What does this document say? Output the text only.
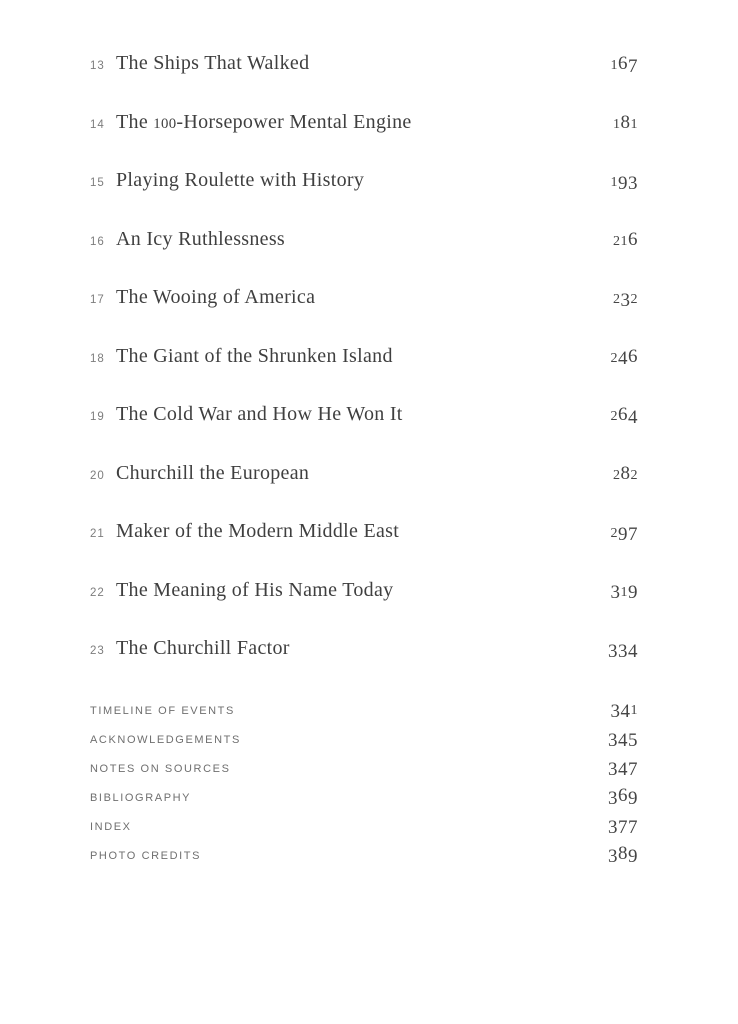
13 The Ships That Walked	167
14 The 100-Horsepower Mental Engine	181
15 Playing Roulette with History	193
16 An Icy Ruthlessness	216
17 The Wooing of America	232
18 The Giant of the Shrunken Island	246
19 The Cold War and How He Won It	264
20 Churchill the European	282
21 Maker of the Modern Middle East	297
22 The Meaning of His Name Today	319
23 The Churchill Factor	334
TIMELINE OF EVENTS	341
ACKNOWLEDGEMENTS	345
NOTES ON SOURCES	347
BIBLIOGRAPHY	369
INDEX	377
PHOTO CREDITS	389
